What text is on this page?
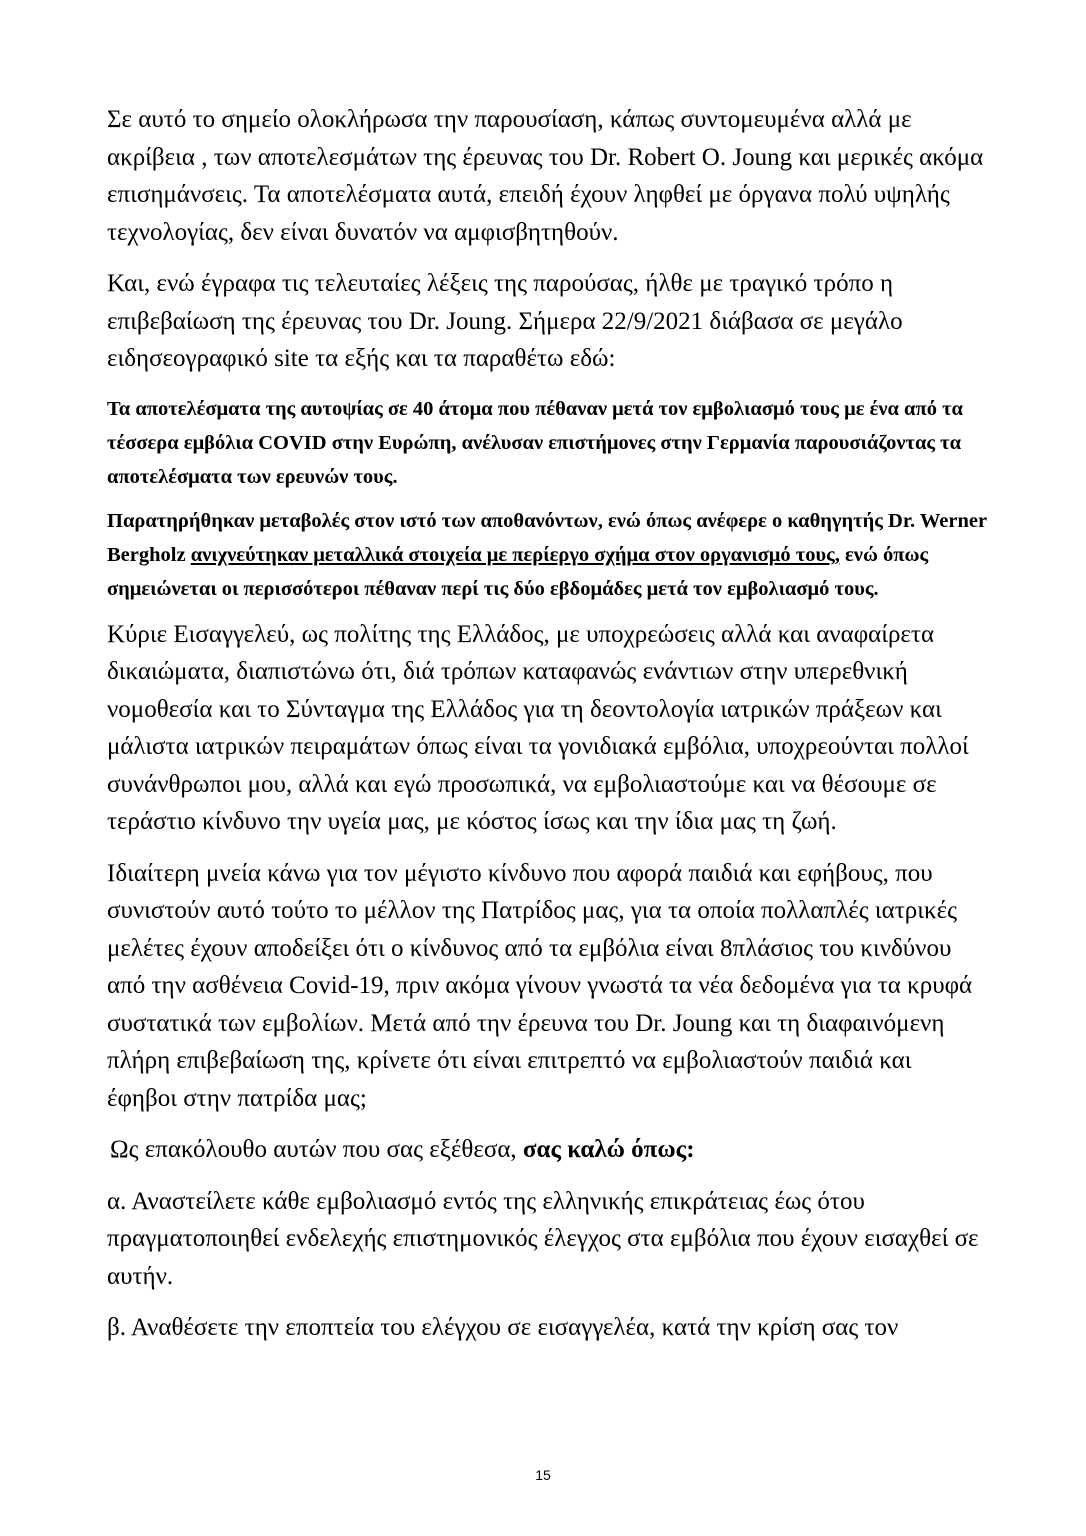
Σε αυτό το σημείο ολοκλήρωσα την παρουσίαση, κάπως συντομευμένα αλλά με ακρίβεια , των αποτελεσμάτων της έρευνας του Dr. Robert O. Joung και μερικές ακόμα επισημάνσεις. Τα αποτελέσματα αυτά, επειδή έχουν ληφθεί με όργανα πολύ υψηλής τεχνολογίας, δεν είναι δυνατόν να αμφισβητηθούν.

Και, ενώ έγραφα τις τελευταίες λέξεις της παρούσας, ήλθε με τραγικό τρόπο η επιβεβαίωση της έρευνας του Dr. Joung. Σήμερα 22/9/2021 διάβασα σε μεγάλο ειδησεογραφικό site τα εξής και τα παραθέτω εδώ:

Τα αποτελέσματα της αυτοψίας σε 40 άτομα που πέθαναν μετά τον εμβολιασμό τους με ένα από τα τέσσερα εμβόλια COVID στην Ευρώπη, ανέλυσαν επιστήμονες στην Γερμανία παρουσιάζοντας τα αποτελέσματα των ερευνών τους.

Παρατηρήθηκαν μεταβολές στον ιστό των αποθανόντων, ενώ όπως ανέφερε ο καθηγητής Dr. Werner Bergholz ανιχνεύτηκαν μεταλλικά στοιχεία με περίεργο σχήμα στον οργανισμό τους, ενώ όπως σημειώνεται οι περισσότεροι πέθαναν περί τις δύο εβδομάδες μετά τον εμβολιασμό τους.

Κύριε Εισαγγελεύ, ως πολίτης της Ελλάδος, με υποχρεώσεις αλλά και αναφαίρετα δικαιώματα, διαπιστώνω ότι, διά τρόπων καταφανώς ενάντιων στην υπερεθνική νομοθεσία και το Σύνταγμα της Ελλάδος για τη δεοντολογία ιατρικών πράξεων και μάλιστα ιατρικών πειραμάτων όπως είναι τα γονιδιακά εμβόλια, υποχρεούνται πολλοί συνάνθρωποι μου, αλλά και εγώ προσωπικά, να εμβολιαστούμε και να θέσουμε σε τεράστιο κίνδυνο την υγεία μας, με κόστος ίσως και την ίδια μας τη ζωή.

Ιδιαίτερη μνεία κάνω για τον μέγιστο κίνδυνο που αφορά παιδιά και εφήβους, που συνιστούν αυτό τούτο το μέλλον της Πατρίδος μας, για τα οποία πολλαπλές ιατρικές μελέτες έχουν αποδείξει ότι ο κίνδυνος από τα εμβόλια είναι 8πλάσιος του κινδύνου από την ασθένεια Covid-19, πριν ακόμα γίνουν γνωστά τα νέα δεδομένα για τα κρυφά συστατικά των εμβολίων. Μετά από την έρευνα του Dr. Joung και τη διαφαινόμενη πλήρη επιβεβαίωση της, κρίνετε ότι είναι επιτρεπτό να εμβολιαστούν παιδιά και έφηβοι στην πατρίδα μας;

Ως επακόλουθο αυτών που σας εξέθεσα, σας καλώ όπως:

α. Αναστείλετε κάθε εμβολιασμό εντός της ελληνικής επικράτειας έως ότου πραγματοποιηθεί ενδελεχής επιστημονικός έλεγχος στα εμβόλια που έχουν εισαχθεί σε αυτήν.

β. Αναθέσετε την εποπτεία του ελέγχου σε εισαγγελέα, κατά την κρίση σας τον

15
